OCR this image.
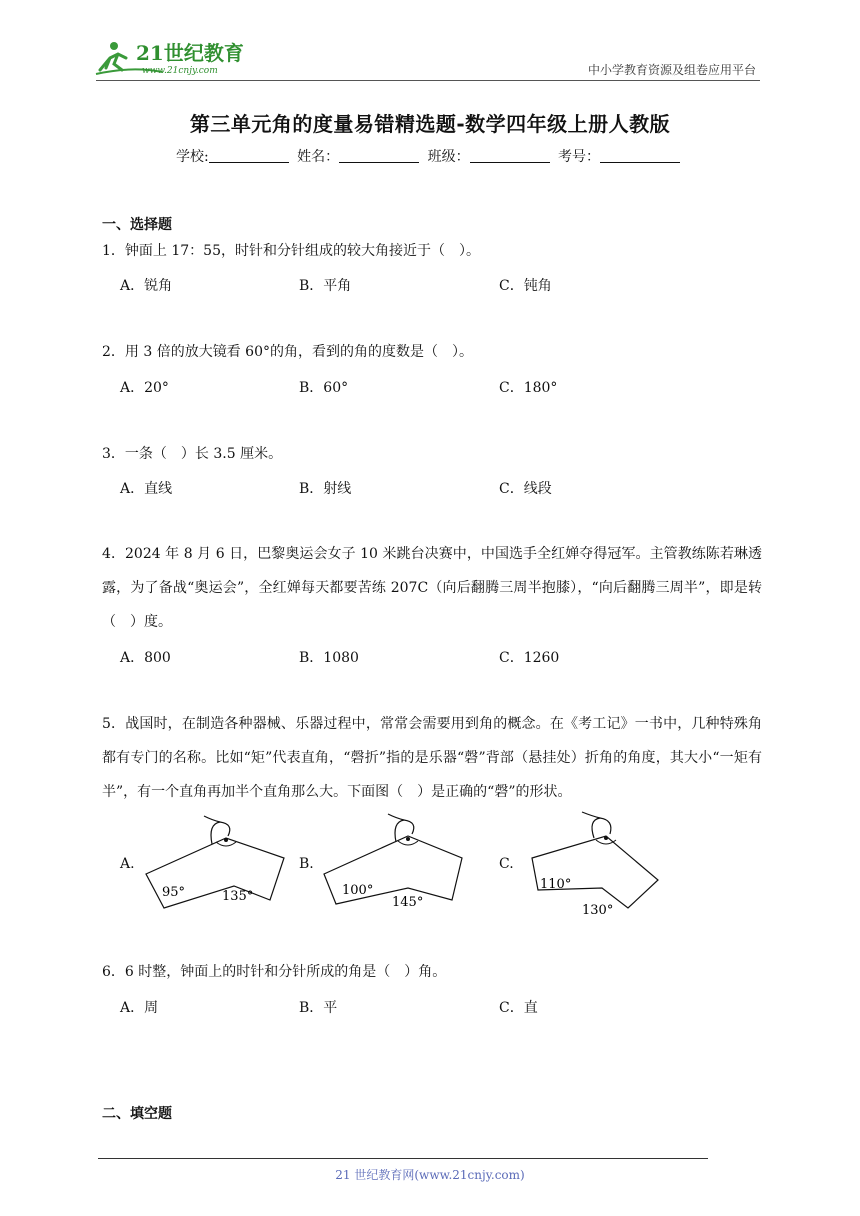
21世纪教育
www.21cnjy.com	中小学教育资源及组卷应用平台
第三单元角的度量易错精选题-数学四年级上册人教版
学校:	姓名：	班级：	考号：
一、选择题
1．钟面上 17：55，时针和分针组成的较大角接近于（　）。
A．锐角	B．平角	C．钝角
2．用 3 倍的放大镜看 60°的角，看到的角的度数是（　）。
A．20°	B．60°	C．180°
3．一条（　）长 3.5 厘米。
A．直线	B．射线	C．线段
4．2024 年 8 月 6 日，巴黎奥运会女子 10 米跳台决赛中，中国选手全红婵夺得冠军。主管教练陈若琳透露，为了备战“奥运会”，全红婵每天都要苦练 207C（向后翻腾三周半抱膝），“向后翻腾三周半”，即是转（　）度。
A．800	B．1080	C．1260
5．战国时，在制造各种器械、乐器过程中，常常会需要用到角的概念。在《考工记》一书中，几种特殊角都有专门的名称。比如“矩”代表直角，“磬折”指的是乐器“磬”背部（悬挂处）折角的角度，其大小“一矩有半”，有一个直角再加半个直角那么大。下面图（　）是正确的“磬”的形状。
A.
95°	135°
B.
100°
145°
C.
110°
130°
6．6 时整，钟面上的时针和分针所成的角是（　）角。
A．周	B．平	C．直
二、填空题
21 世纪教育网(www.21cnjy.com)
